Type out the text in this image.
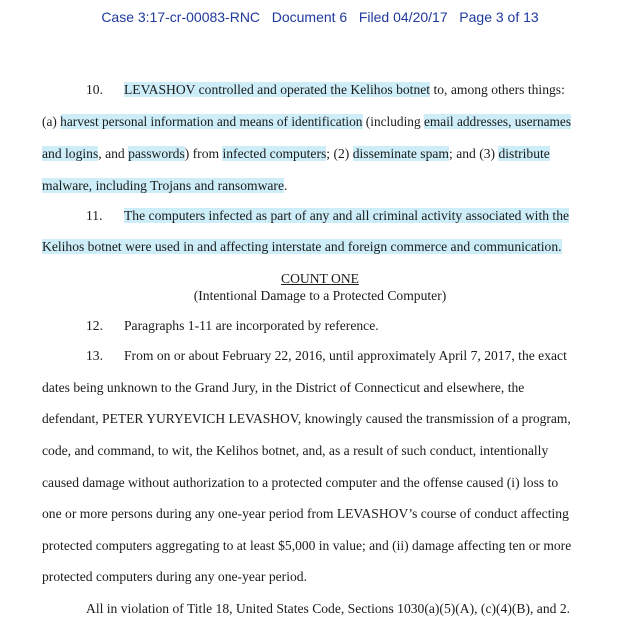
Case 3:17-cr-00083-RNC Document 6 Filed 04/20/17 Page 3 of 13
10. LEVASHOV controlled and operated the Kelihos botnet to, among others things:
(a) harvest personal information and means of identification (including email addresses, usernames
and logins, and passwords) from infected computers; (2) disseminate spam; and (3) distribute
malware, including Trojans and ransomware.
11. The computers infected as part of any and all criminal activity associated with the
Kelihos botnet were used in and affecting interstate and foreign commerce and communication.
12. Paragraphs 1-11 are incorporated by reference.
13. From on or about February 22, 2016, until approximately April 7, 2017, the exact
dates being unknown to the Grand Jury, in the District of Connecticut and elsewhere, the
defendant, PETER YURYEVICH LEVASHOV, knowingly caused the transmission of a program,
code, and command, to wit, the Kelihos botnet, and, as a result of such conduct, intentionally
caused damage without authorization to a protected computer and the offense caused (i) loss to
one or more persons during any one-year period from LEVASHOV’s course of conduct affecting
protected computers aggregating to at least $5,000 in value; and (ii) damage affecting ten or more
protected computers during any one-year period.
COUNT ONE
(Intentional Damage to a Protected Computer)
All in violation of Title 18, United States Code, Sections 1030(a)(5)(A), (c)(4)(B), and 2.
